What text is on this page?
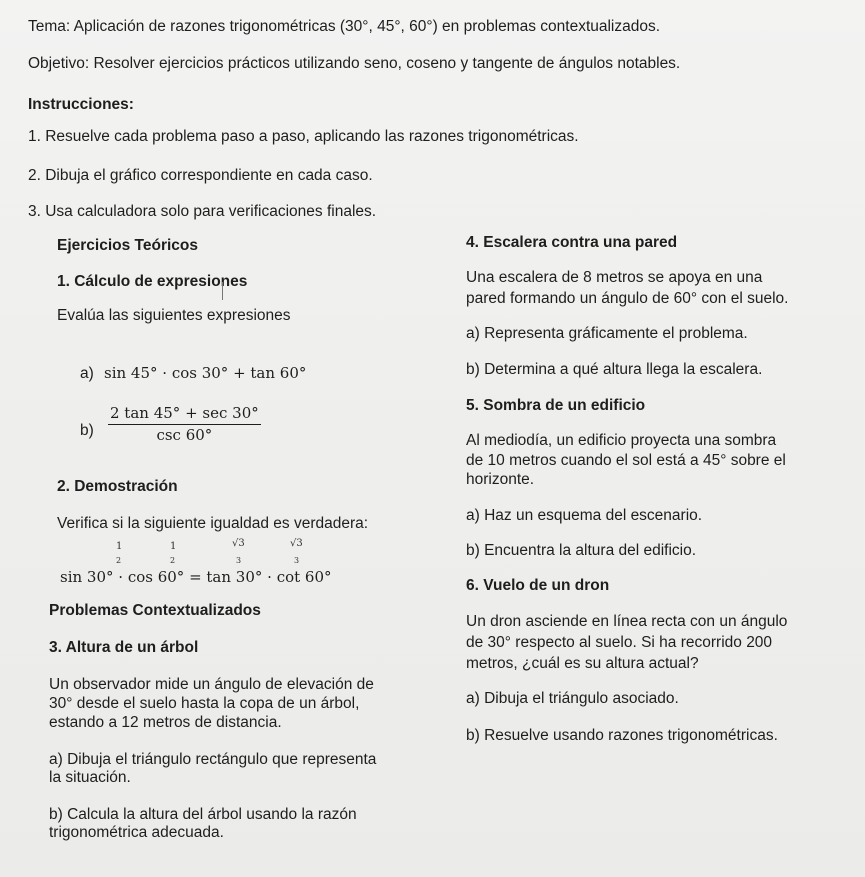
Tema: Aplicación de razones trigonométricas (30°, 45°, 60°) en problemas contextualizados.
Objetivo: Resolver ejercicios prácticos utilizando seno, coseno y tangente de ángulos notables.
Instrucciones:
1. Resuelve cada problema paso a paso, aplicando las razones trigonométricas.
2. Dibuja el gráfico correspondiente en cada caso.
3. Usa calculadora solo para verificaciones finales.
Ejercicios Teóricos
1. Cálculo de expresiones
Evalúa las siguientes expresiones
a) sin 45° · cos 30° + tan 60°
$b) \frac{2 \tan 45^\circ + \sec 30^\circ}{\csc 60^\circ}$
2. Demostración
Verifica si la siguiente igualdad es verdadera:
1
2
1
2
√3
3
√3
3
sin 30° · cos 60° = tan 30° · cot 60°
Problemas Contextualizados
3. Altura de un árbol
Un observador mide un ángulo de elevación de
30° desde el suelo hasta la copa de un árbol,
estando a 12 metros de distancia.
a) Dibuja el triángulo rectángulo que representa
la situación.
b) Calcula la altura del árbol usando la razón
trigonométrica adecuada.
4. Escalera contra una pared
Una escalera de 8 metros se apoya en una
pared formando un ángulo de 60° con el suelo.
a) Representa gráficamente el problema.
b) Determina a qué altura llega la escalera.
5. Sombra de un edificio
Al mediodía, un edificio proyecta una sombra
de 10 metros cuando el sol está a 45° sobre el
horizonte.
a) Haz un esquema del escenario.
b) Encuentra la altura del edificio.
6. Vuelo de un dron
Un dron asciende en línea recta con un ángulo
de 30° respecto al suelo. Si ha recorrido 200
metros, ¿cuál es su altura actual?
a) Dibuja el triángulo asociado.
b) Resuelve usando razones trigonométricas.
